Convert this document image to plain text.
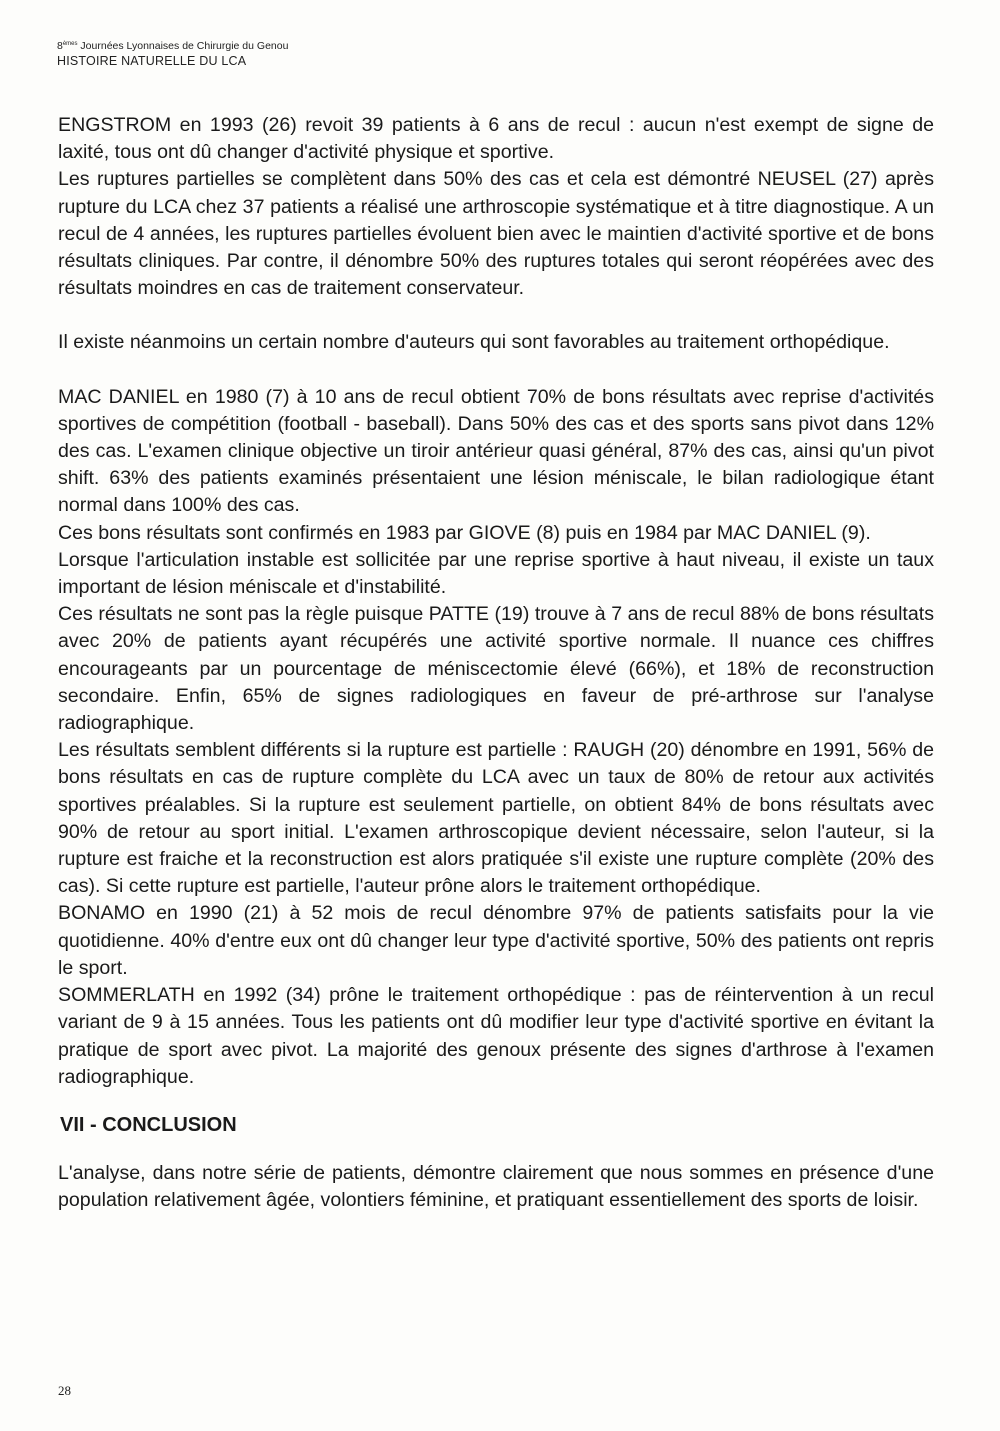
8èmes Journées Lyonnaises de Chirurgie du Genou
HISTOIRE NATURELLE DU LCA

ENGSTROM en 1993 (26) revoit 39 patients à 6 ans de recul : aucun n'est exempt de signe de laxité, tous ont dû changer d'activité physique et sportive.

Les ruptures partielles se complètent dans 50% des cas et cela est démontré NEUSEL (27) après rupture du LCA chez 37 patients a réalisé une arthroscopie systématique et à titre diagnostique. A un recul de 4 années, les ruptures partielles évoluent bien avec le maintien d'activité sportive et de bons résultats cliniques. Par contre, il dénombre 50% des ruptures totales qui seront réopérées avec des résultats moindres en cas de traitement conservateur.

Il existe néanmoins un certain nombre d'auteurs qui sont favorables au traitement orthopédique.

MAC DANIEL en 1980 (7) à 10 ans de recul obtient 70% de bons résultats avec reprise d'activités sportives de compétition (football - baseball). Dans 50% des cas et des sports sans pivot dans 12% des cas. L'examen clinique objective un tiroir antérieur quasi général, 87% des cas, ainsi qu'un pivot shift. 63% des patients examinés présentaient une lésion méniscale, le bilan radiologique étant normal dans 100% des cas.

Ces bons résultats sont confirmés en 1983 par GIOVE (8) puis en 1984 par MAC DANIEL (9).

Lorsque l'articulation instable est sollicitée par une reprise sportive à haut niveau, il existe un taux important de lésion méniscale et d'instabilité.

Ces résultats ne sont pas la règle puisque PATTE (19) trouve à 7 ans de recul 88% de bons résultats avec 20% de patients ayant récupérés une activité sportive normale. Il nuance ces chiffres encourageants par un pourcentage de méniscectomie élevé (66%), et 18% de reconstruction secondaire. Enfin, 65% de signes radiologiques en faveur de pré-arthrose sur l'analyse radiographique.

Les résultats semblent différents si la rupture est partielle : RAUGH (20) dénombre en 1991, 56% de bons résultats en cas de rupture complète du LCA avec un taux de 80% de retour aux activités sportives préalables. Si la rupture est seulement partielle, on obtient 84% de bons résultats avec 90% de retour au sport initial. L'examen arthroscopique devient nécessaire, selon l'auteur, si la rupture est fraiche et la reconstruction est alors pratiquée s'il existe une rupture complète (20% des cas). Si cette rupture est partielle, l'auteur prône alors le traitement orthopédique.

BONAMO en 1990 (21) à 52 mois de recul dénombre 97% de patients satisfaits pour la vie quotidienne. 40% d'entre eux ont dû changer leur type d'activité sportive, 50% des patients ont repris le sport.

SOMMERLATH en 1992 (34) prône le traitement orthopédique : pas de réintervention à un recul variant de 9 à 15 années. Tous les patients ont dû modifier leur type d'activité sportive en évitant la pratique de sport avec pivot. La majorité des genoux présente des signes d'arthrose à l'examen radiographique.

VII - CONCLUSION

L'analyse, dans notre série de patients, démontre clairement que nous sommes en présence d'une population relativement âgée, volontiers féminine, et pratiquant essentiellement des sports de loisir.

28
